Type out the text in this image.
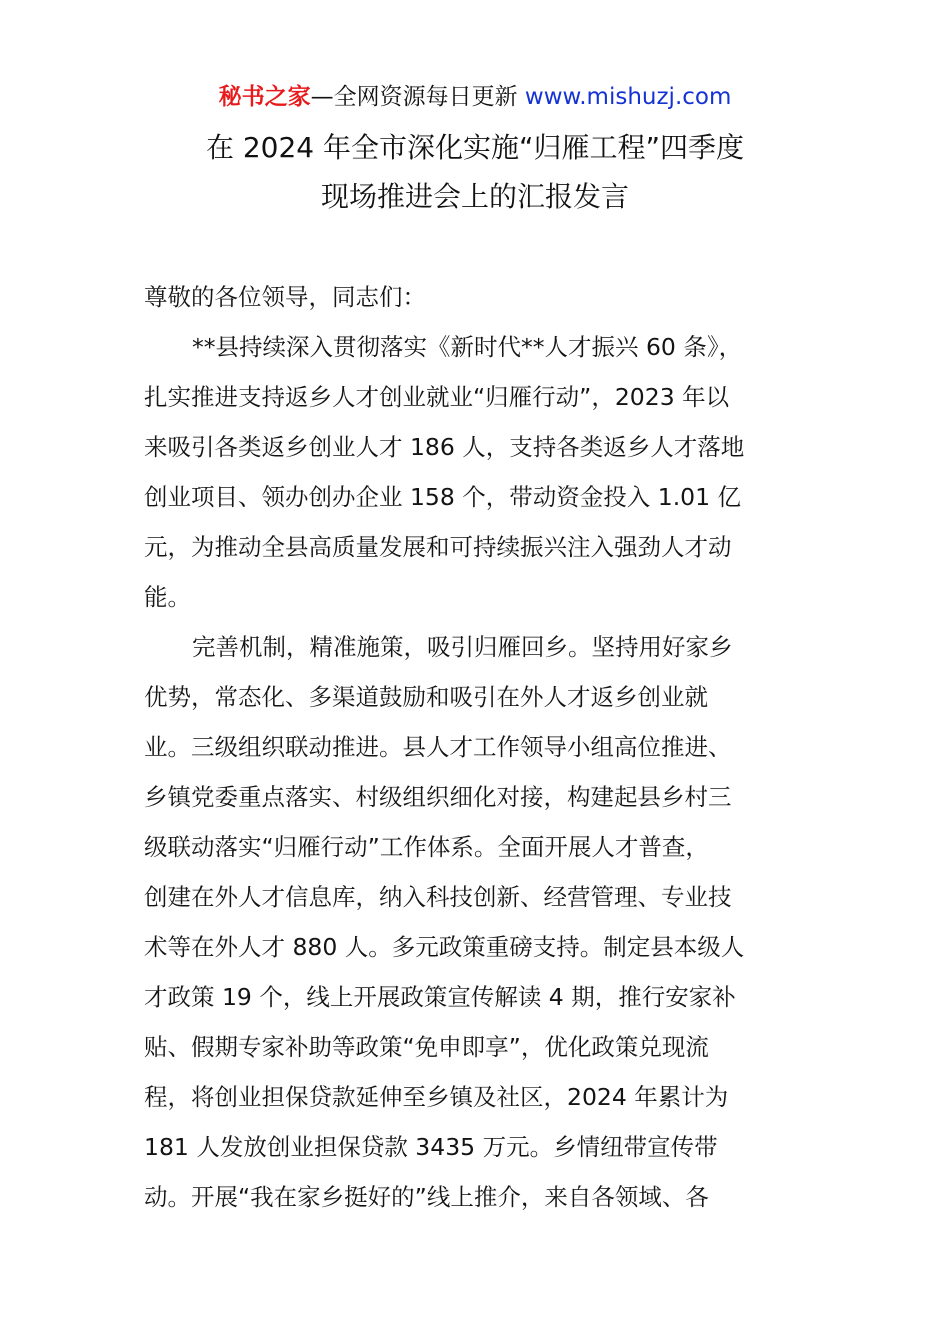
秘书之家—全网资源每日更新 www.mishuzj.com
在 2024 年全市深化实施“归雁工程”四季度
现场推进会上的汇报发言
尊敬的各位领导，同志们：
**县持续深入贯彻落实《新时代**人才振兴 60 条》，
扎实推进支持返乡人才创业就业“归雁行动”，2023 年以
来吸引各类返乡创业人才 186 人，支持各类返乡人才落地
创业项目、领办创办企业 158 个，带动资金投入 1.01 亿
元，为推动全县高质量发展和可持续振兴注入强劲人才动
能。
完善机制，精准施策，吸引归雁回乡。坚持用好家乡
优势，常态化、多渠道鼓励和吸引在外人才返乡创业就
业。三级组织联动推进。县人才工作领导小组高位推进、
乡镇党委重点落实、村级组织细化对接，构建起县乡村三
级联动落实“归雁行动”工作体系。全面开展人才普查，
创建在外人才信息库，纳入科技创新、经营管理、专业技
术等在外人才 880 人。多元政策重磅支持。制定县本级人
才政策 19 个，线上开展政策宣传解读 4 期，推行安家补
贴、假期专家补助等政策“免申即享”，优化政策兑现流
程，将创业担保贷款延伸至乡镇及社区，2024 年累计为
181 人发放创业担保贷款 3435 万元。乡情纽带宣传带
动。开展“我在家乡挺好的”线上推介，来自各领域、各
